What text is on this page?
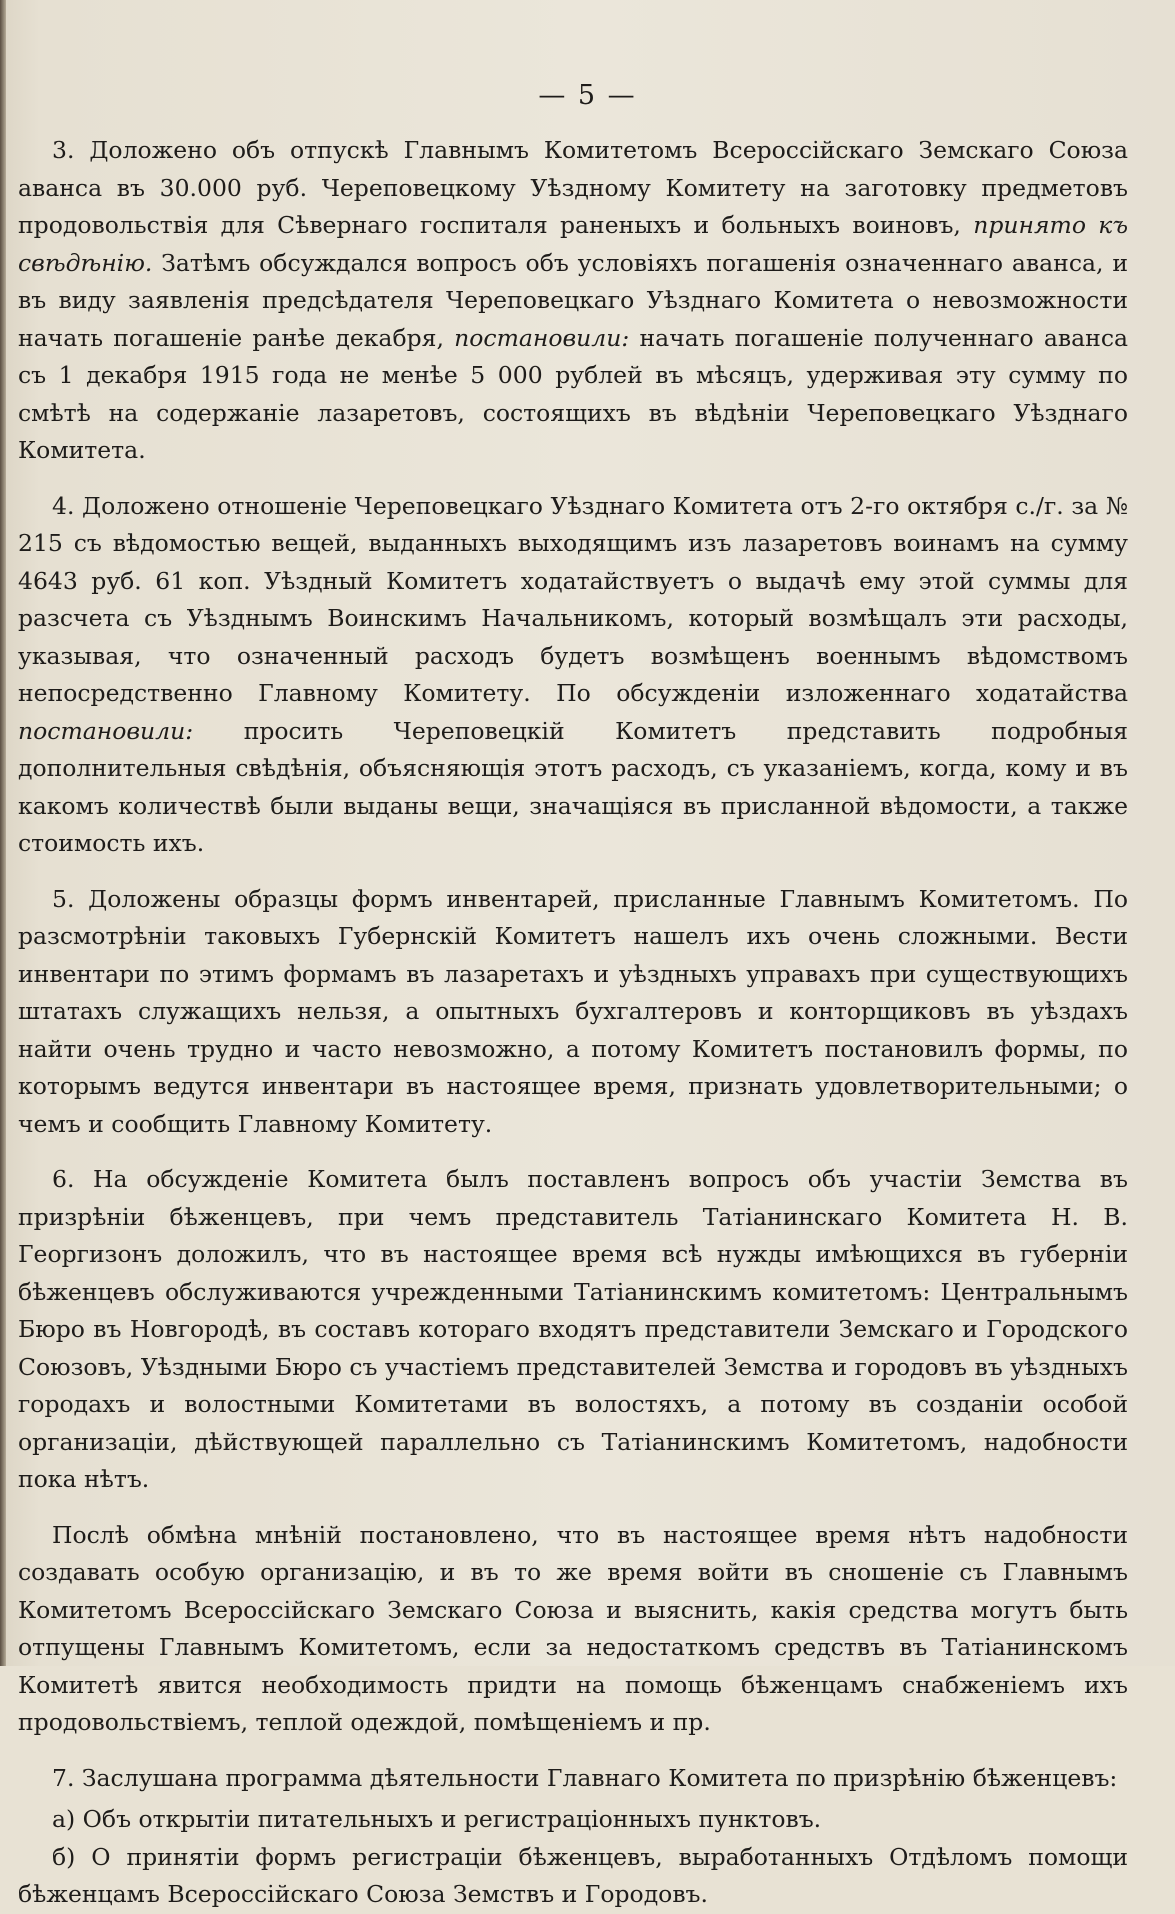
— 5 —

3. Доложено объ отпускѣ Главнымъ Комитетомъ Всероссійскаго Земскаго Союза аванса въ 30.000 руб. Череповецкому Уѣздному Комитету на заготовку предметовъ продовольствія для Сѣвернаго госпиталя раненыхъ и больныхъ воиновъ, принято къ свѣдѣнію. Затѣмъ обсуждался вопросъ объ условіяхъ погашенія означеннаго аванса, и въ виду заявленія предсѣдателя Череповецкаго Уѣзднаго Комитета о невозможности начать погашеніе ранѣе декабря, постановили: начать погашеніе полученнаго аванса съ 1 декабря 1915 года не менѣе 5 000 рублей въ мѣсяцъ, удерживая эту сумму по смѣтѣ на содержаніе лазаретовъ, состоящихъ въ вѣдѣніи Череповецкаго Уѣзднаго Комитета.

4. Доложено отношеніе Череповецкаго Уѣзднаго Комитета отъ 2-го октября с./г. за № 215 съ вѣдомостью вещей, выданныхъ выходящимъ изъ лазаретовъ воинамъ на сумму 4643 руб. 61 коп. Уѣздный Комитетъ ходатайствуетъ о выдачѣ ему этой суммы для разсчета съ Уѣзднымъ Воинскимъ Начальникомъ, который возмѣщалъ эти расходы, указывая, что означенный расходъ будетъ возмѣщенъ военнымъ вѣдомствомъ непосредственно Главному Комитету. По обсужденіи изложеннаго ходатайства постановили: просить Череповецкій Комитетъ представить подробныя дополнительныя свѣдѣнія, объясняющія этотъ расходъ, съ указаніемъ, когда, кому и въ какомъ количествѣ были выданы вещи, значащіяся въ присланной вѣдомости, а также стоимость ихъ.

5. Доложены образцы формъ инвентарей, присланные Главнымъ Комитетомъ. По разсмотрѣніи таковыхъ Губернскій Комитетъ нашелъ ихъ очень сложными. Вести инвентари по этимъ формамъ въ лазаретахъ и уѣздныхъ управахъ при существующихъ штатахъ служащихъ нельзя, а опытныхъ бухгалтеровъ и конторщиковъ въ уѣздахъ найти очень трудно и часто невозможно, а потому Комитетъ постановилъ формы, по которымъ ведутся инвентари въ настоящее время, признать удовлетворительными; о чемъ и сообщить Главному Комитету.

6. На обсужденіе Комитета былъ поставленъ вопросъ объ участіи Земства въ призрѣніи бѣженцевъ, при чемъ представитель Татіанинскаго Комитета Н. В. Георгизонъ доложилъ, что въ настоящее время всѣ нужды имѣющихся въ губерніи бѣженцевъ обслуживаются учрежденными Татіанинскимъ комитетомъ: Центральнымъ Бюро въ Новгородѣ, въ составъ котораго входятъ представители Земскаго и Городского Союзовъ, Уѣздными Бюро съ участіемъ представителей Земства и городовъ въ уѣздныхъ городахъ и волостными Комитетами въ волостяхъ, а потому въ созданіи особой организаціи, дѣйствующей параллельно съ Татіанинскимъ Комитетомъ, надобности пока нѣтъ.

Послѣ обмѣна мнѣній постановлено, что въ настоящее время нѣтъ надобности создавать особую организацію, и въ то же время войти въ сношеніе съ Главнымъ Комитетомъ Всероссійскаго Земскаго Союза и выяснить, какія средства могутъ быть отпущены Главнымъ Комитетомъ, если за недостаткомъ средствъ въ Татіанинскомъ Комитетѣ явится необходимость придти на помощь бѣженцамъ снабженіемъ ихъ продовольствіемъ, теплой одеждой, помѣщеніемъ и пр.

7. Заслушана программа дѣятельности Главнаго Комитета по призрѣнію бѣженцевъ:

а) Объ открытіи питательныхъ и регистраціонныхъ пунктовъ.

б) О принятіи формъ регистраціи бѣженцевъ, выработанныхъ Отдѣломъ помощи бѣженцамъ Всероссійскаго Союза Земствъ и Городовъ.
